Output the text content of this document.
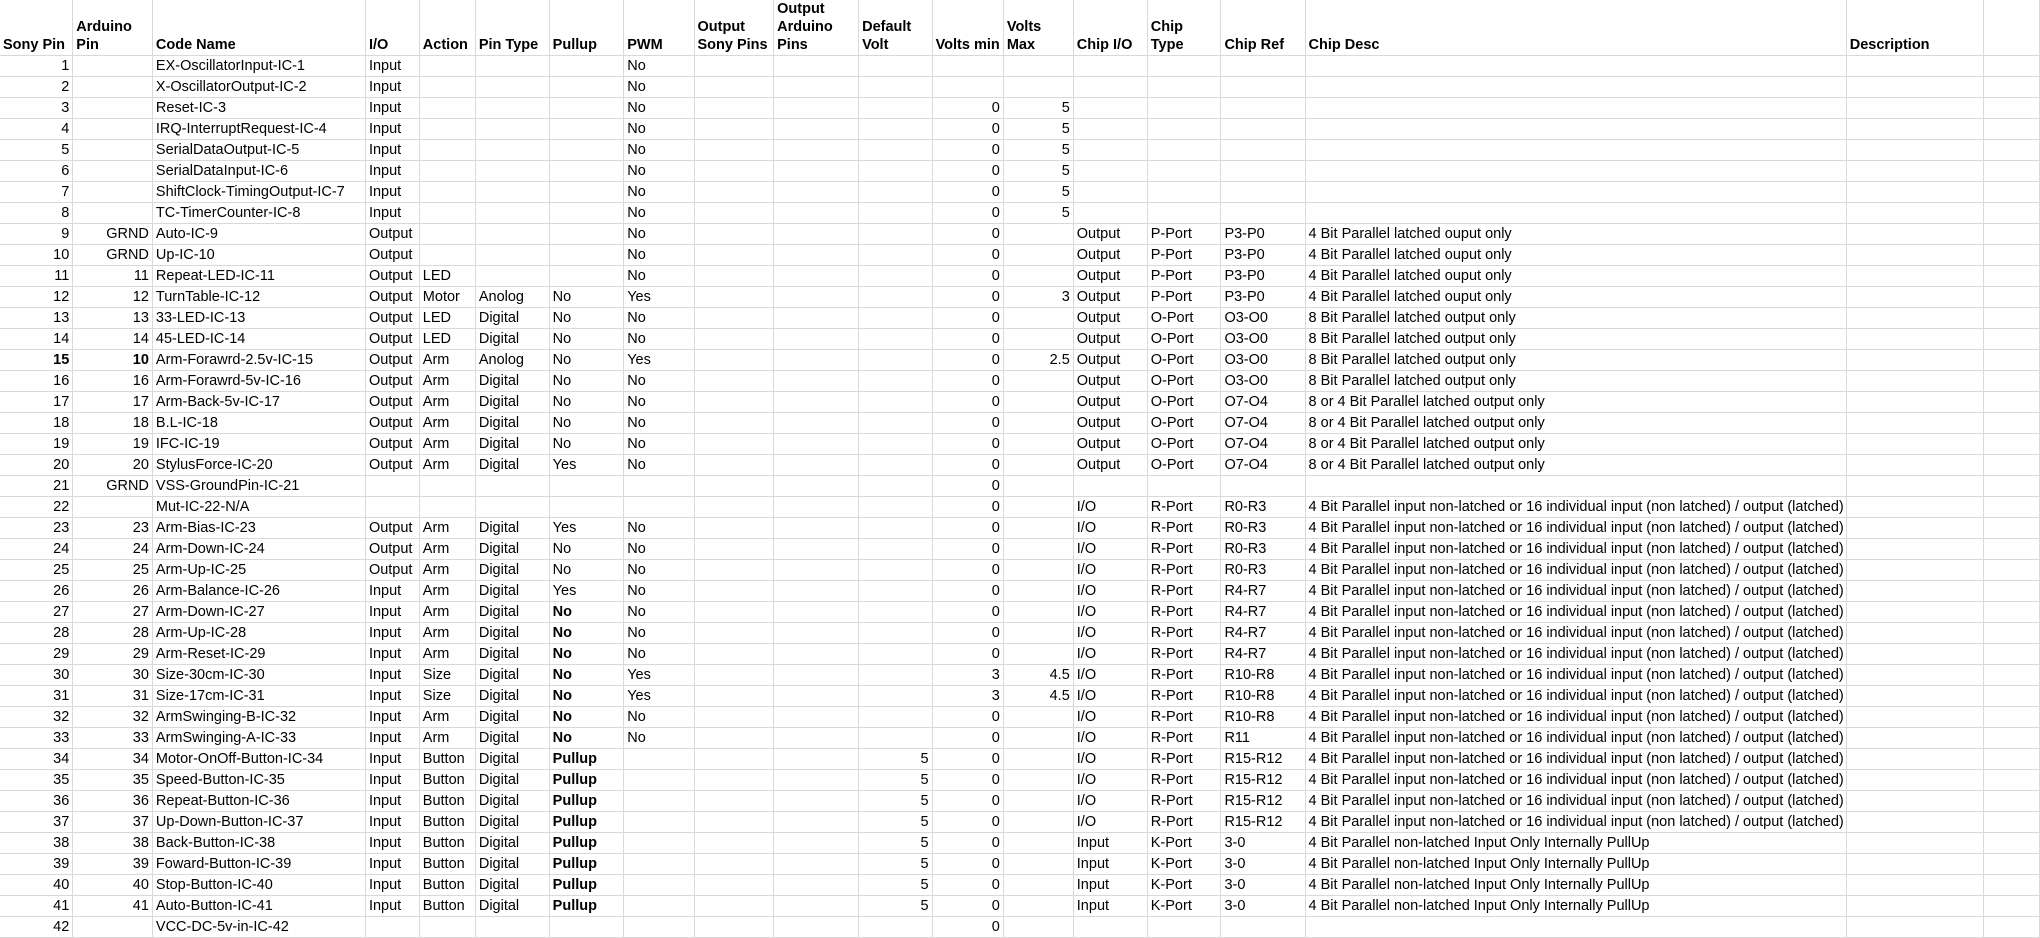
Sony Pin	Arduino Pin	Code Name	I/O	Action	Pin Type	Pullup	PWM	Output Sony Pins	Output Arduino Pins	Default Volt	Volts min	Volts Max	Chip I/O	Chip Type	Chip Ref	Chip Desc	Description	
1		EX-OscillatorInput-IC-1	Input				No											
2		X-OscillatorOutput-IC-2	Input				No											
3		Reset-IC-3	Input				No				0	5						
4		IRQ-InterruptRequest-IC-4	Input				No				0	5						
5		SerialDataOutput-IC-5	Input				No				0	5						
6		SerialDataInput-IC-6	Input				No				0	5						
7		ShiftClock-TimingOutput-IC-7	Input				No				0	5						
8		TC-TimerCounter-IC-8	Input				No				0	5						
9	GRND	Auto-IC-9	Output				No				0		Output	P-Port	P3-P0	4 Bit Parallel latched ouput only		
10	GRND	Up-IC-10	Output				No				0		Output	P-Port	P3-P0	4 Bit Parallel latched ouput only		
11	11	Repeat-LED-IC-11	Output	LED			No				0		Output	P-Port	P3-P0	4 Bit Parallel latched ouput only		
12	12	TurnTable-IC-12	Output	Motor	Anolog	No	Yes				0	3	Output	P-Port	P3-P0	4 Bit Parallel latched ouput only		
13	13	33-LED-IC-13	Output	LED	Digital	No	No				0		Output	O-Port	O3-O0	8 Bit Parallel latched output only		
14	14	45-LED-IC-14	Output	LED	Digital	No	No				0		Output	O-Port	O3-O0	8 Bit Parallel latched output only		
15	10	Arm-Forawrd-2.5v-IC-15	Output	Arm	Anolog	No	Yes				0	2.5	Output	O-Port	O3-O0	8 Bit Parallel latched output only		
16	16	Arm-Forawrd-5v-IC-16	Output	Arm	Digital	No	No				0		Output	O-Port	O3-O0	8 Bit Parallel latched output only		
17	17	Arm-Back-5v-IC-17	Output	Arm	Digital	No	No				0		Output	O-Port	O7-O4	8 or 4 Bit Parallel latched output only		
18	18	B.L-IC-18	Output	Arm	Digital	No	No				0		Output	O-Port	O7-O4	8 or 4 Bit Parallel latched output only		
19	19	IFC-IC-19	Output	Arm	Digital	No	No				0		Output	O-Port	O7-O4	8 or 4 Bit Parallel latched output only		
20	20	StylusForce-IC-20	Output	Arm	Digital	Yes	No				0		Output	O-Port	O7-O4	8 or 4 Bit Parallel latched output only		
21	GRND	VSS-GroundPin-IC-21									0							
22		Mut-IC-22-N/A									0		I/O	R-Port	R0-R3	4 Bit Parallel input non-latched or 16 individual input (non latched) / output (latched)		
23	23	Arm-Bias-IC-23	Output	Arm	Digital	Yes	No				0		I/O	R-Port	R0-R3	4 Bit Parallel input non-latched or 16 individual input (non latched) / output (latched)		
24	24	Arm-Down-IC-24	Output	Arm	Digital	No	No				0		I/O	R-Port	R0-R3	4 Bit Parallel input non-latched or 16 individual input (non latched) / output (latched)		
25	25	Arm-Up-IC-25	Output	Arm	Digital	No	No				0		I/O	R-Port	R0-R3	4 Bit Parallel input non-latched or 16 individual input (non latched) / output (latched)		
26	26	Arm-Balance-IC-26	Input	Arm	Digital	Yes	No				0		I/O	R-Port	R4-R7	4 Bit Parallel input non-latched or 16 individual input (non latched) / output (latched)		
27	27	Arm-Down-IC-27	Input	Arm	Digital	No	No				0		I/O	R-Port	R4-R7	4 Bit Parallel input non-latched or 16 individual input (non latched) / output (latched)		
28	28	Arm-Up-IC-28	Input	Arm	Digital	No	No				0		I/O	R-Port	R4-R7	4 Bit Parallel input non-latched or 16 individual input (non latched) / output (latched)		
29	29	Arm-Reset-IC-29	Input	Arm	Digital	No	No				0		I/O	R-Port	R4-R7	4 Bit Parallel input non-latched or 16 individual input (non latched) / output (latched)		
30	30	Size-30cm-IC-30	Input	Size	Digital	No	Yes				3	4.5	I/O	R-Port	R10-R8	4 Bit Parallel input non-latched or 16 individual input (non latched) / output (latched)		
31	31	Size-17cm-IC-31	Input	Size	Digital	No	Yes				3	4.5	I/O	R-Port	R10-R8	4 Bit Parallel input non-latched or 16 individual input (non latched) / output (latched)		
32	32	ArmSwinging-B-IC-32	Input	Arm	Digital	No	No				0		I/O	R-Port	R10-R8	4 Bit Parallel input non-latched or 16 individual input (non latched) / output (latched)		
33	33	ArmSwinging-A-IC-33	Input	Arm	Digital	No	No				0		I/O	R-Port	R11	4 Bit Parallel input non-latched or 16 individual input (non latched) / output (latched)		
34	34	Motor-OnOff-Button-IC-34	Input	Button	Digital	Pullup				5	0		I/O	R-Port	R15-R12	4 Bit Parallel input non-latched or 16 individual input (non latched) / output (latched)		
35	35	Speed-Button-IC-35	Input	Button	Digital	Pullup				5	0		I/O	R-Port	R15-R12	4 Bit Parallel input non-latched or 16 individual input (non latched) / output (latched)		
36	36	Repeat-Button-IC-36	Input	Button	Digital	Pullup				5	0		I/O	R-Port	R15-R12	4 Bit Parallel input non-latched or 16 individual input (non latched) / output (latched)		
37	37	Up-Down-Button-IC-37	Input	Button	Digital	Pullup				5	0		I/O	R-Port	R15-R12	4 Bit Parallel input non-latched or 16 individual input (non latched) / output (latched)		
38	38	Back-Button-IC-38	Input	Button	Digital	Pullup				5	0		Input	K-Port	3-0	4 Bit Parallel non-latched Input Only Internally PullUp		
39	39	Foward-Button-IC-39	Input	Button	Digital	Pullup				5	0		Input	K-Port	3-0	4 Bit Parallel non-latched Input Only Internally PullUp		
40	40	Stop-Button-IC-40	Input	Button	Digital	Pullup				5	0		Input	K-Port	3-0	4 Bit Parallel non-latched Input Only Internally PullUp		
41	41	Auto-Button-IC-41	Input	Button	Digital	Pullup				5	0		Input	K-Port	3-0	4 Bit Parallel non-latched Input Only Internally PullUp		
42		VCC-DC-5v-in-IC-42									0							
